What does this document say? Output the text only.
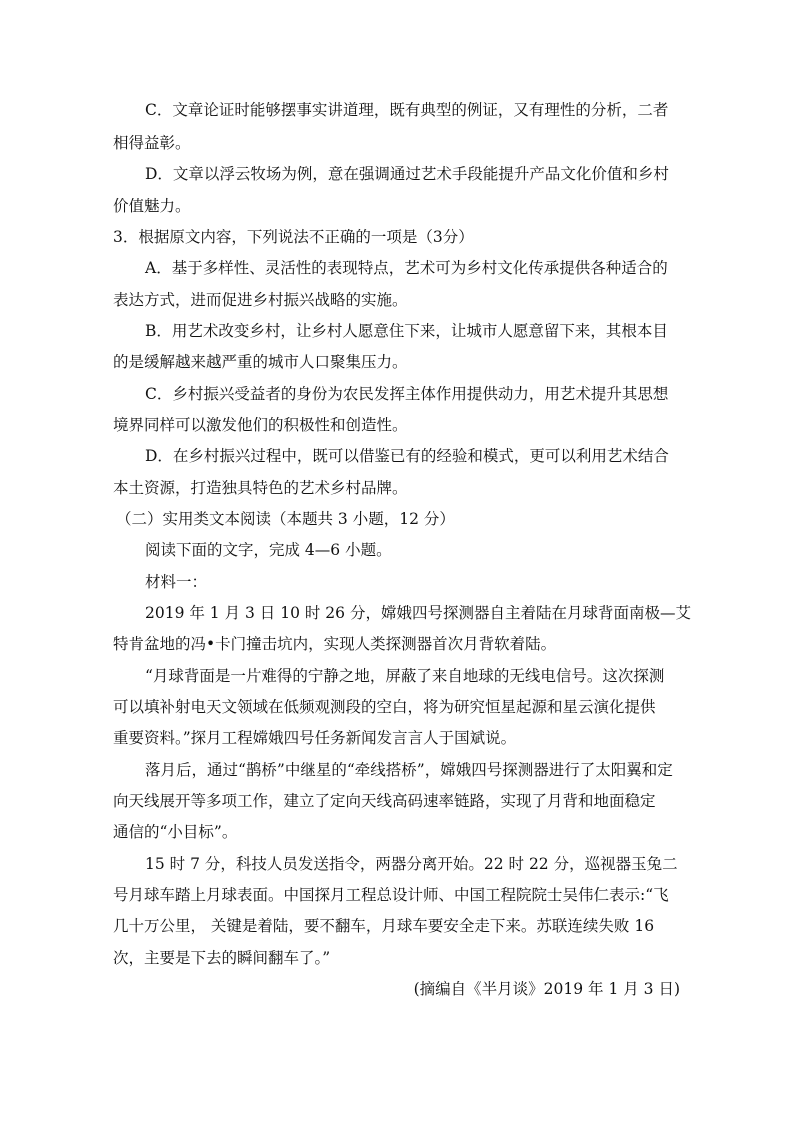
C．文章论证时能够摆事实讲道理，既有典型的例证，又有理性的分析，二者
相得益彰。
D．文章以浮云牧场为例，意在强调通过艺术手段能提升产品文化价值和乡村
价值魅力。
3．根据原文内容，下列说法不正确的一项是（3分）
A．基于多样性、灵活性的表现特点，艺术可为乡村文化传承提供各种适合的
表达方式，进而促进乡村振兴战略的实施。
B．用艺术改变乡村，让乡村人愿意住下来，让城市人愿意留下来，其根本目
的是缓解越来越严重的城市人口聚集压力。
C．乡村振兴受益者的身份为农民发挥主体作用提供动力，用艺术提升其思想
境界同样可以激发他们的积极性和创造性。
D．在乡村振兴过程中，既可以借鉴已有的经验和模式，更可以利用艺术结合
本土资源，打造独具特色的艺术乡村品牌。
（二）实用类文本阅读（本题共 3 小题，12 分）
阅读下面的文字，完成 4—6 小题。
材料一：
2019 年 1 月 3 日 10 时 26 分，嫦娥四号探测器自主着陆在月球背面南极—艾
特肯盆地的冯•卡门撞击坑内，实现人类探测器首次月背软着陆。
“月球背面是一片难得的宁静之地，屏蔽了来自地球的无线电信号。这次探测
可以填补射电天文领域在低频观测段的空白，将为研究恒星起源和星云演化提供
重要资料。”探月工程嫦娥四号任务新闻发言言人于国斌说。
落月后，通过“鹊桥”中继星的“牵线搭桥”，嫦娥四号探测器进行了太阳翼和定
向天线展开等多项工作，建立了定向天线高码速率链路，实现了月背和地面稳定
通信的“小目标”。
15 时 7 分，科技人员发送指令，两器分离开始。22 时 22 分，巡视器玉兔二
号月球车踏上月球表面。中国探月工程总设计师、中国工程院院士吴伟仁表示:“飞
几十万公里， 关键是着陆，要不翻车，月球车要安全走下来。苏联连续失败 16
次，主要是下去的瞬间翻车了。”
(摘编自《半月谈》2019 年 1 月 3 日)
